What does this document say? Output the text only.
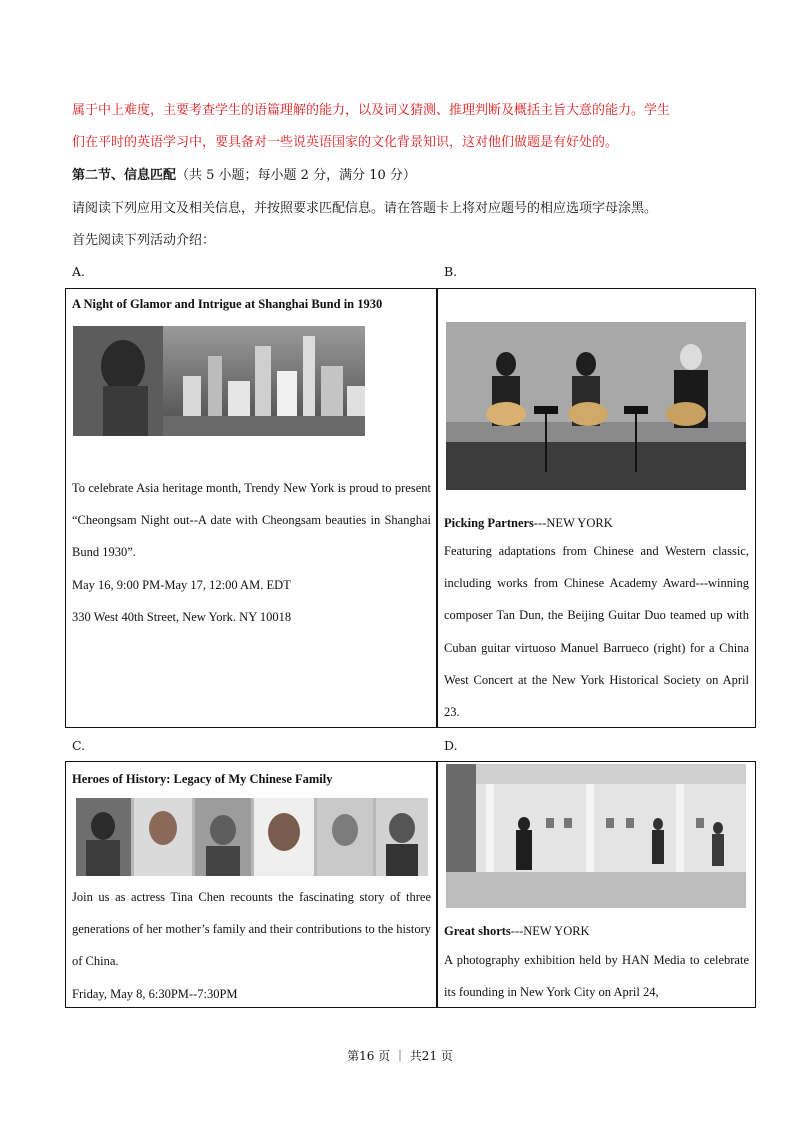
属于中上难度，主要考查学生的语篇理解的能力，以及词义猜测、推理判断及概括主旨大意的能力。学生
们在平时的英语学习中，要具备对一些说英语国家的文化背景知识，这对他们做题是有好处的。
第二节、信息匹配（共 5 小题；每小题 2 分，满分 10 分）
请阅读下列应用文及相关信息，并按照要求匹配信息。请在答题卡上将对应题号的相应选项字母涂黑。
首先阅读下列活动介绍：
A.	B.
A Night of Glamor and Intrigue at Shanghai Bund in 1930

To celebrate Asia heritage month, Trendy New York is proud to present “Cheongsam Night out--A date with Cheongsam beauties in Shanghai Bund 1930”.

May 16, 9:00 PM-May 17, 12:00 AM. EDT

330 West 40th Street, New York. NY 10018

Picking Partners---NEW YORK

Featuring adaptations from Chinese and Western classic, including works from Chinese Academy Award---winning composer Tan Dun, the Beijing Guitar Duo teamed up with Cuban guitar virtuoso Manuel Barrueco (right) for a China West Concert at the New York Historical Society on April 23.

C.	D.
Heroes of History: Legacy of My Chinese Family

Join us as actress Tina Chen recounts the fascinating story of three generations of her mother’s family and their contributions to the history of China.

Friday, May 8, 6:30PM--7:30PM

Great shorts---NEW YORK

A photography exhibition held by HAN Media to celebrate its founding in New York City on April 24,

第16 页 ｜ 共21 页
